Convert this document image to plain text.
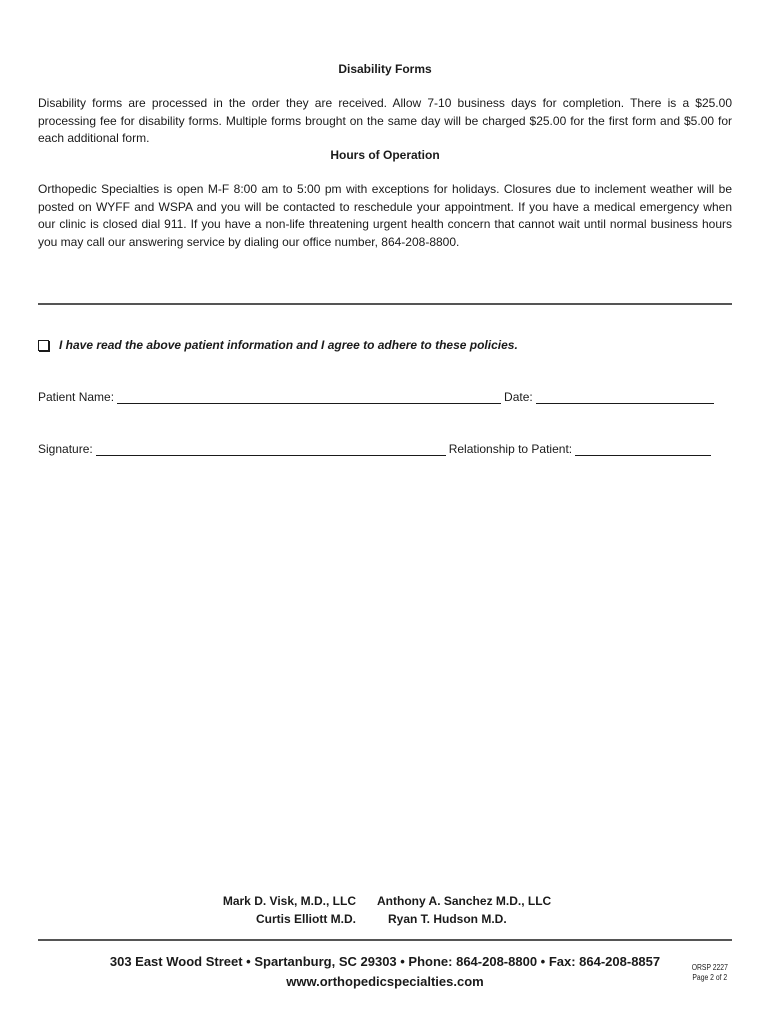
Disability Forms

Disability forms are processed in the order they are received. Allow 7-10 business days for completion. There is a $25.00 processing fee for disability forms. Multiple forms brought on the same day will be charged $25.00 for the first form and $5.00 for each additional form.

Hours of Operation

Orthopedic Specialties is open M-F 8:00 am to 5:00 pm with exceptions for holidays. Closures due to inclement weather will be posted on WYFF and WSPA and you will be contacted to reschedule your appointment. If you have a medical emergency when our clinic is closed dial 911. If you have a non-life threatening urgent health concern that cannot wait until normal business hours you may call our answering service by dialing our office number, 864-208-8800.

I have read the above patient information and I agree to adhere to these policies.
Patient Name:	Date:
Signature:	Relationship to Patient:
Mark D. Visk, M.D., LLC Anthony A. Sanchez M.D., LLC
Curtis Elliott M.D.	Ryan T. Hudson M.D.
303 East Wood Street • Spartanburg, SC 29303 • Phone: 864-208-8800 • Fax: 864-208-8857
www.orthopedicspecialties.com
ORSP 2227
Page 2 of 2
